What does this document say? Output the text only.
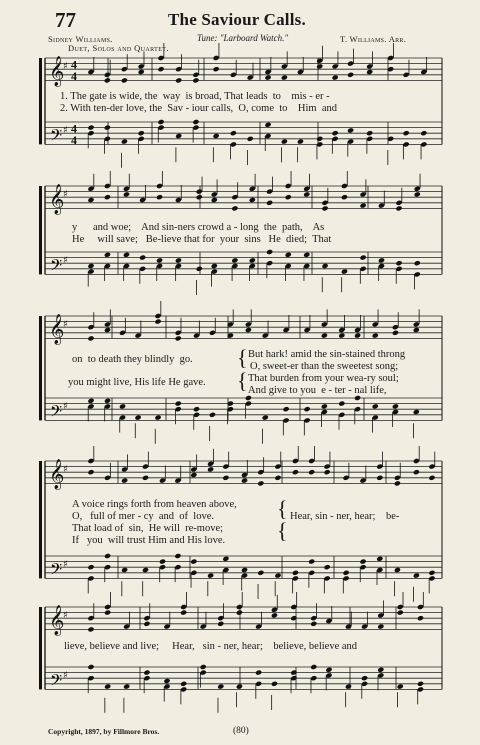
77	The Saviour Calls.
Sidney Williams.	Tune: "Larboard Watch."	T. Williams. Arr.
Duet, Solos and Quartet.
𝄞
♯ 4
4
𝄢 ♯ 4
4
𝄞
♯
𝄢 ♯
𝄞
♯
𝄢 ♯
𝄞
♯
𝄢 ♯
𝄞
♯
𝄢 ♯
1. The gate is wide, the  way  is broad, That leads  to    mis - er -
2. With ten-der love, the  Sav - iour calls,  O, come  to    Him  and
y      and woe;    And sin-ners crowd a - long  the  path,    As
He     will save;   Be-lieve that for  your  sins   He  died;  That
on  to death they blindly  go.
you might live, His life He gave.
{
{
But hark! amid the sin-stained throng
O, sweet-er than the sweetest song;
That burden from your wea-ry soul;
And give to you  e - ter - nal life,
A voice rings forth from heaven above,
O,   full of mer - cy  and  of  love.
That load of  sin,  He will  re-move;
If   you  will trust Him and His love.
{
{
Hear, sin - ner, hear;    be-
lieve, believe and live;     Hear,   sin - ner, hear;    believe, believe and
Copyright, 1897, by Fillmore Bros.	(80)
